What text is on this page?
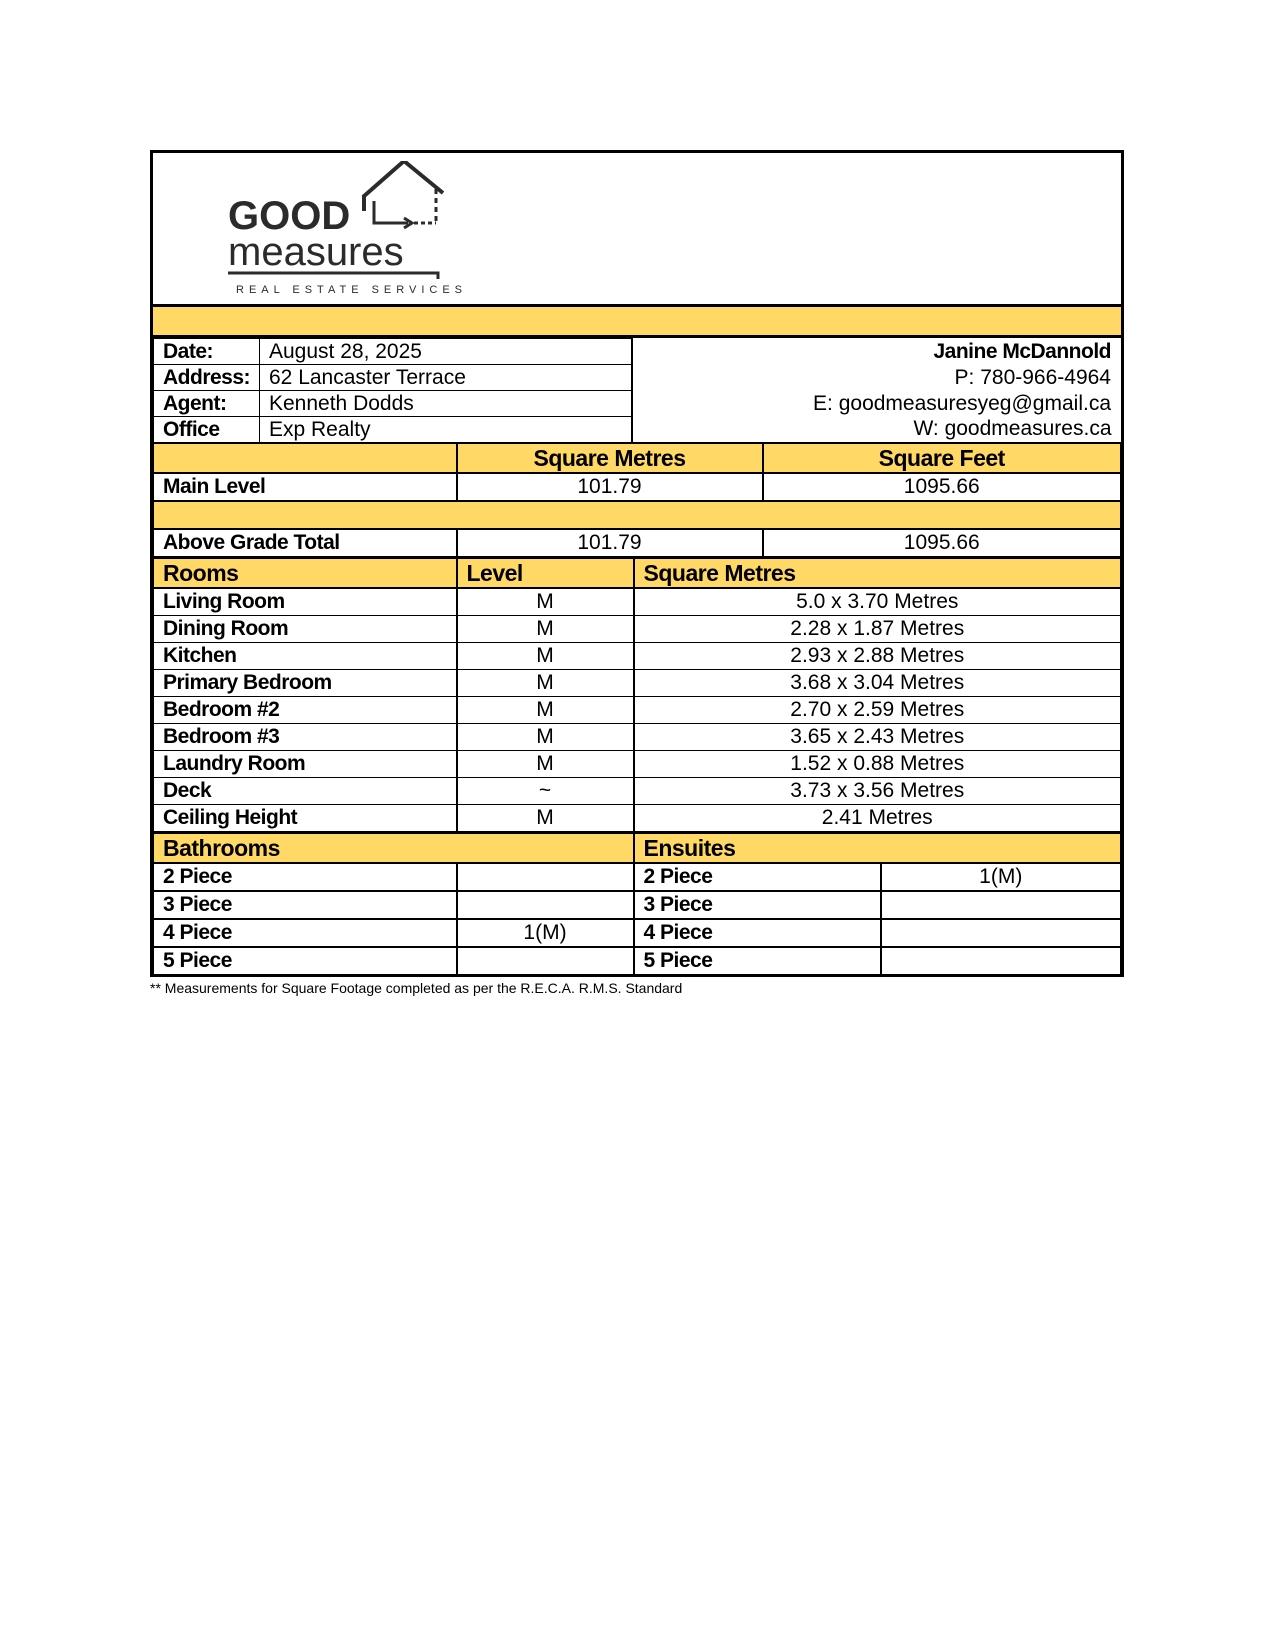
GOOD
measures
REAL ESTATE SERVICES
Date:	August 28, 2025	Janine McDannold
Address:	62 Lancaster Terrace	P: 780-966-4964
Agent:	Kenneth Dodds	E: goodmeasuresyeg@gmail.ca
Office	Exp Realty	W: goodmeasures.ca
	Square Metres	Square Feet
Main Level	101.79	1095.66

Above Grade Total	101.79	1095.66
Rooms	Level	Square Metres
Living Room	M	5.0 x 3.70 Metres
Dining Room	M	2.28 x 1.87 Metres
Kitchen	M	2.93 x 2.88 Metres
Primary Bedroom	M	3.68 x 3.04 Metres
Bedroom #2	M	2.70 x 2.59 Metres
Bedroom #3	M	3.65 x 2.43 Metres
Laundry Room	M	1.52 x 0.88 Metres
Deck	~	3.73 x 3.56 Metres
Ceiling Height	M	2.41 Metres
Bathrooms		Ensuites	
2 Piece		2 Piece	1(M)
3 Piece		3 Piece	
4 Piece	1(M)	4 Piece	
5 Piece		5 Piece	
** Measurements for Square Footage completed as per the R.E.C.A. R.M.S. Standard
